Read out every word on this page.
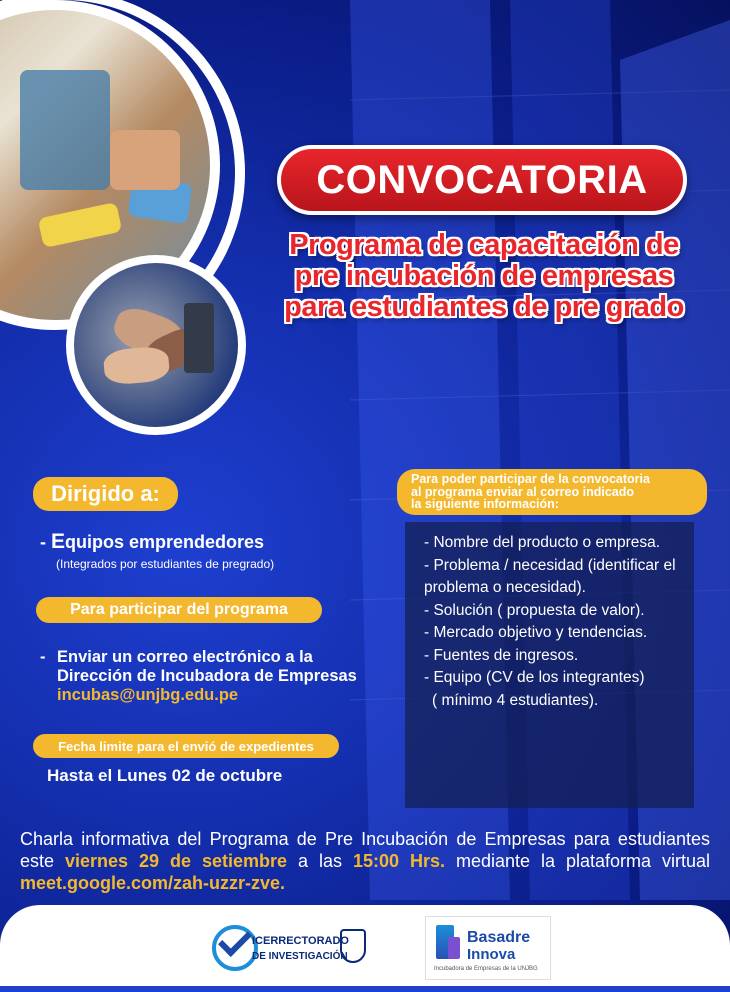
CONVOCATORIA
Programa de capacitación de pre incubación de empresas para estudiantes de pre grado
Dirigido a:
- Equipos emprendedores
(Integrados por estudiantes de pregrado)
Para participar del programa
- Enviar un correo electrónico a la Dirección de Incubadora de Empresas
incubas@unjbg.edu.pe
Fecha limite para el envió de expedientes
Hasta el Lunes 02 de octubre
Para poder participar de la convocatoria
al programa enviar al correo indicado
la siguiente información:
- Nombre del producto o empresa.
- Problema / necesidad (identificar el problema o necesidad).
- Solución ( propuesta de valor).
- Mercado objetivo y tendencias.
- Fuentes de ingresos.
- Equipo (CV de los integrantes)
( mínimo 4 estudiantes).
Charla informativa del Programa de Pre Incubación de Empresas para estudiantes este viernes 29 de setiembre a las 15:00 Hrs. mediante la plataforma virtual meet.google.com/zah-uzzr-zve.
ICERRECTORADO
DE INVESTIGACIÓN
Basadre
Innova
Incubadora de Empresas de la UNJBG
